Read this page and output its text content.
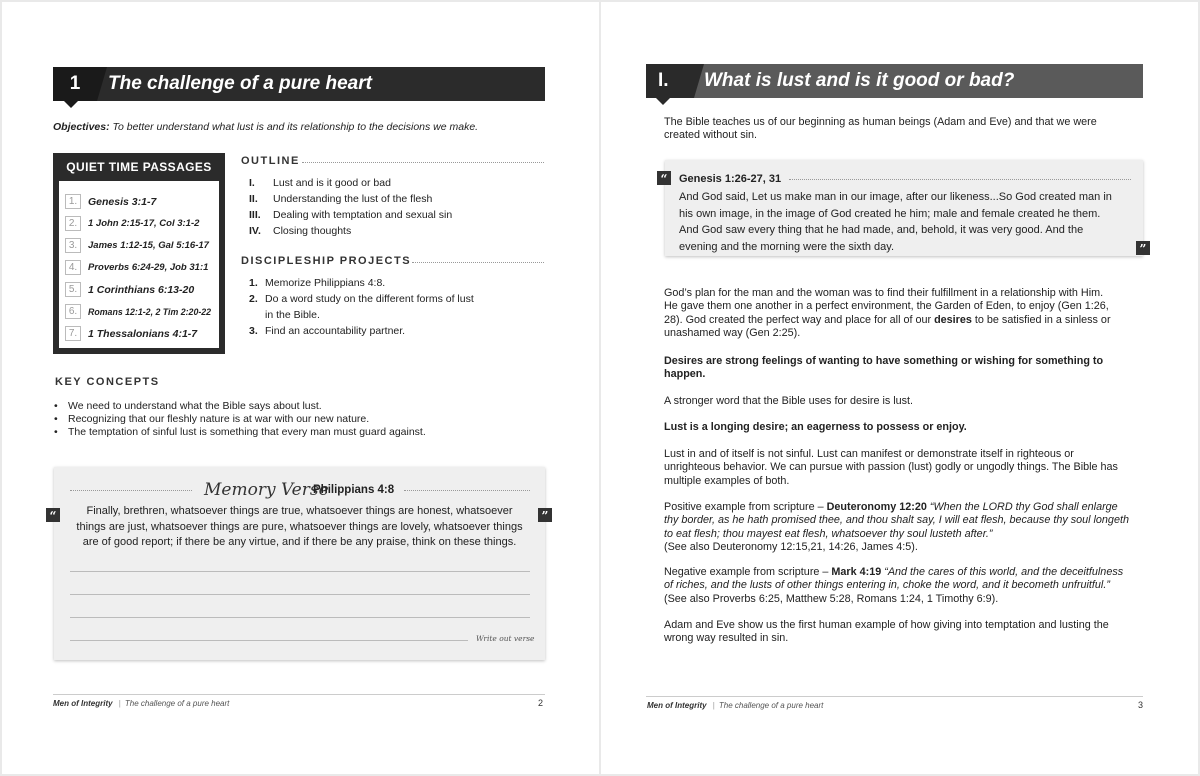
1	The challenge of a pure heart
Objectives: To better understand what lust is and its relationship to the decisions we make.
QUIET TIME PASSAGES
1.	Genesis 3:1-7
2.	1 John 2:15-17, Col 3:1-2
3.	James 1:12-15, Gal 5:16-17
4.	Proverbs 6:24-29, Job 31:1
5.	1 Corinthians 6:13-20
6.	Romans 12:1-2, 2 Tim 2:20-22
7.	1 Thessalonians 4:1-7
OUTLINE
I. Lust and is it good or bad
II. Understanding the lust of the flesh
III. Dealing with temptation and sexual sin
IV. Closing thoughts
DISCIPLESHIP PROJECTS
1. Memorize Philippians 4:8.
2. Do a word study on the different forms of lust
in the Bible.
3. Find an accountability partner.
KEY CONCEPTS
• We need to understand what the Bible says about lust.
• Recognizing that our fleshly nature is at war with our new nature.
• The temptation of sinful lust is something that every man must guard against.
Memory Verse
Philippians 4:8
Finally, brethren, whatsoever things are true, whatsoever things are honest, whatsoever
things are just, whatsoever things are pure, whatsoever things are lovely, whatsoever things
are of good report; if there be any virtue, and if there be any praise, think on these things.
Write out verse
“	”
Men of Integrity | The challenge of a pure heart	2
I.	What is lust and is it good or bad?
The Bible teaches us of our beginning as human beings (Adam and Eve) and that we were
created without sin.
Genesis 1:26-27, 31
And God said, Let us make man in our image, after our likeness...So God created man in
his own image, in the image of God created he him; male and female created he them.
And God saw every thing that he had made, and, behold, it was very good. And the
evening and the morning were the sixth day.
“
”
God’s plan for the man and the woman was to find their fulfillment in a relationship with Him.
He gave them one another in a perfect environment, the Garden of Eden, to enjoy (Gen 1:26,
28). God created the perfect way and place for all of our desires to be satisfied in a sinless or
unashamed way (Gen 2:25).
Desires are strong feelings of wanting to have something or wishing for something to
happen.
A stronger word that the Bible uses for desire is lust.
Lust is a longing desire; an eagerness to possess or enjoy.
Lust in and of itself is not sinful. Lust can manifest or demonstrate itself in righteous or
unrighteous behavior. We can pursue with passion (lust) godly or ungodly things. The Bible has
multiple examples of both.
Positive example from scripture – Deuteronomy 12:20 “When the LORD thy God shall enlarge
thy border, as he hath promised thee, and thou shalt say, I will eat flesh, because thy soul longeth
to eat flesh; thou mayest eat flesh, whatsoever thy soul lusteth after.”
(See also Deuteronomy 12:15,21, 14:26, James 4:5).
Negative example from scripture – Mark 4:19 “And the cares of this world, and the deceitfulness
of riches, and the lusts of other things entering in, choke the word, and it becometh unfruitful.”
(See also Proverbs 6:25, Matthew 5:28, Romans 1:24, 1 Timothy 6:9).
Adam and Eve show us the first human example of how giving into temptation and lusting the
wrong way resulted in sin.
Men of Integrity | The challenge of a pure heart	3
